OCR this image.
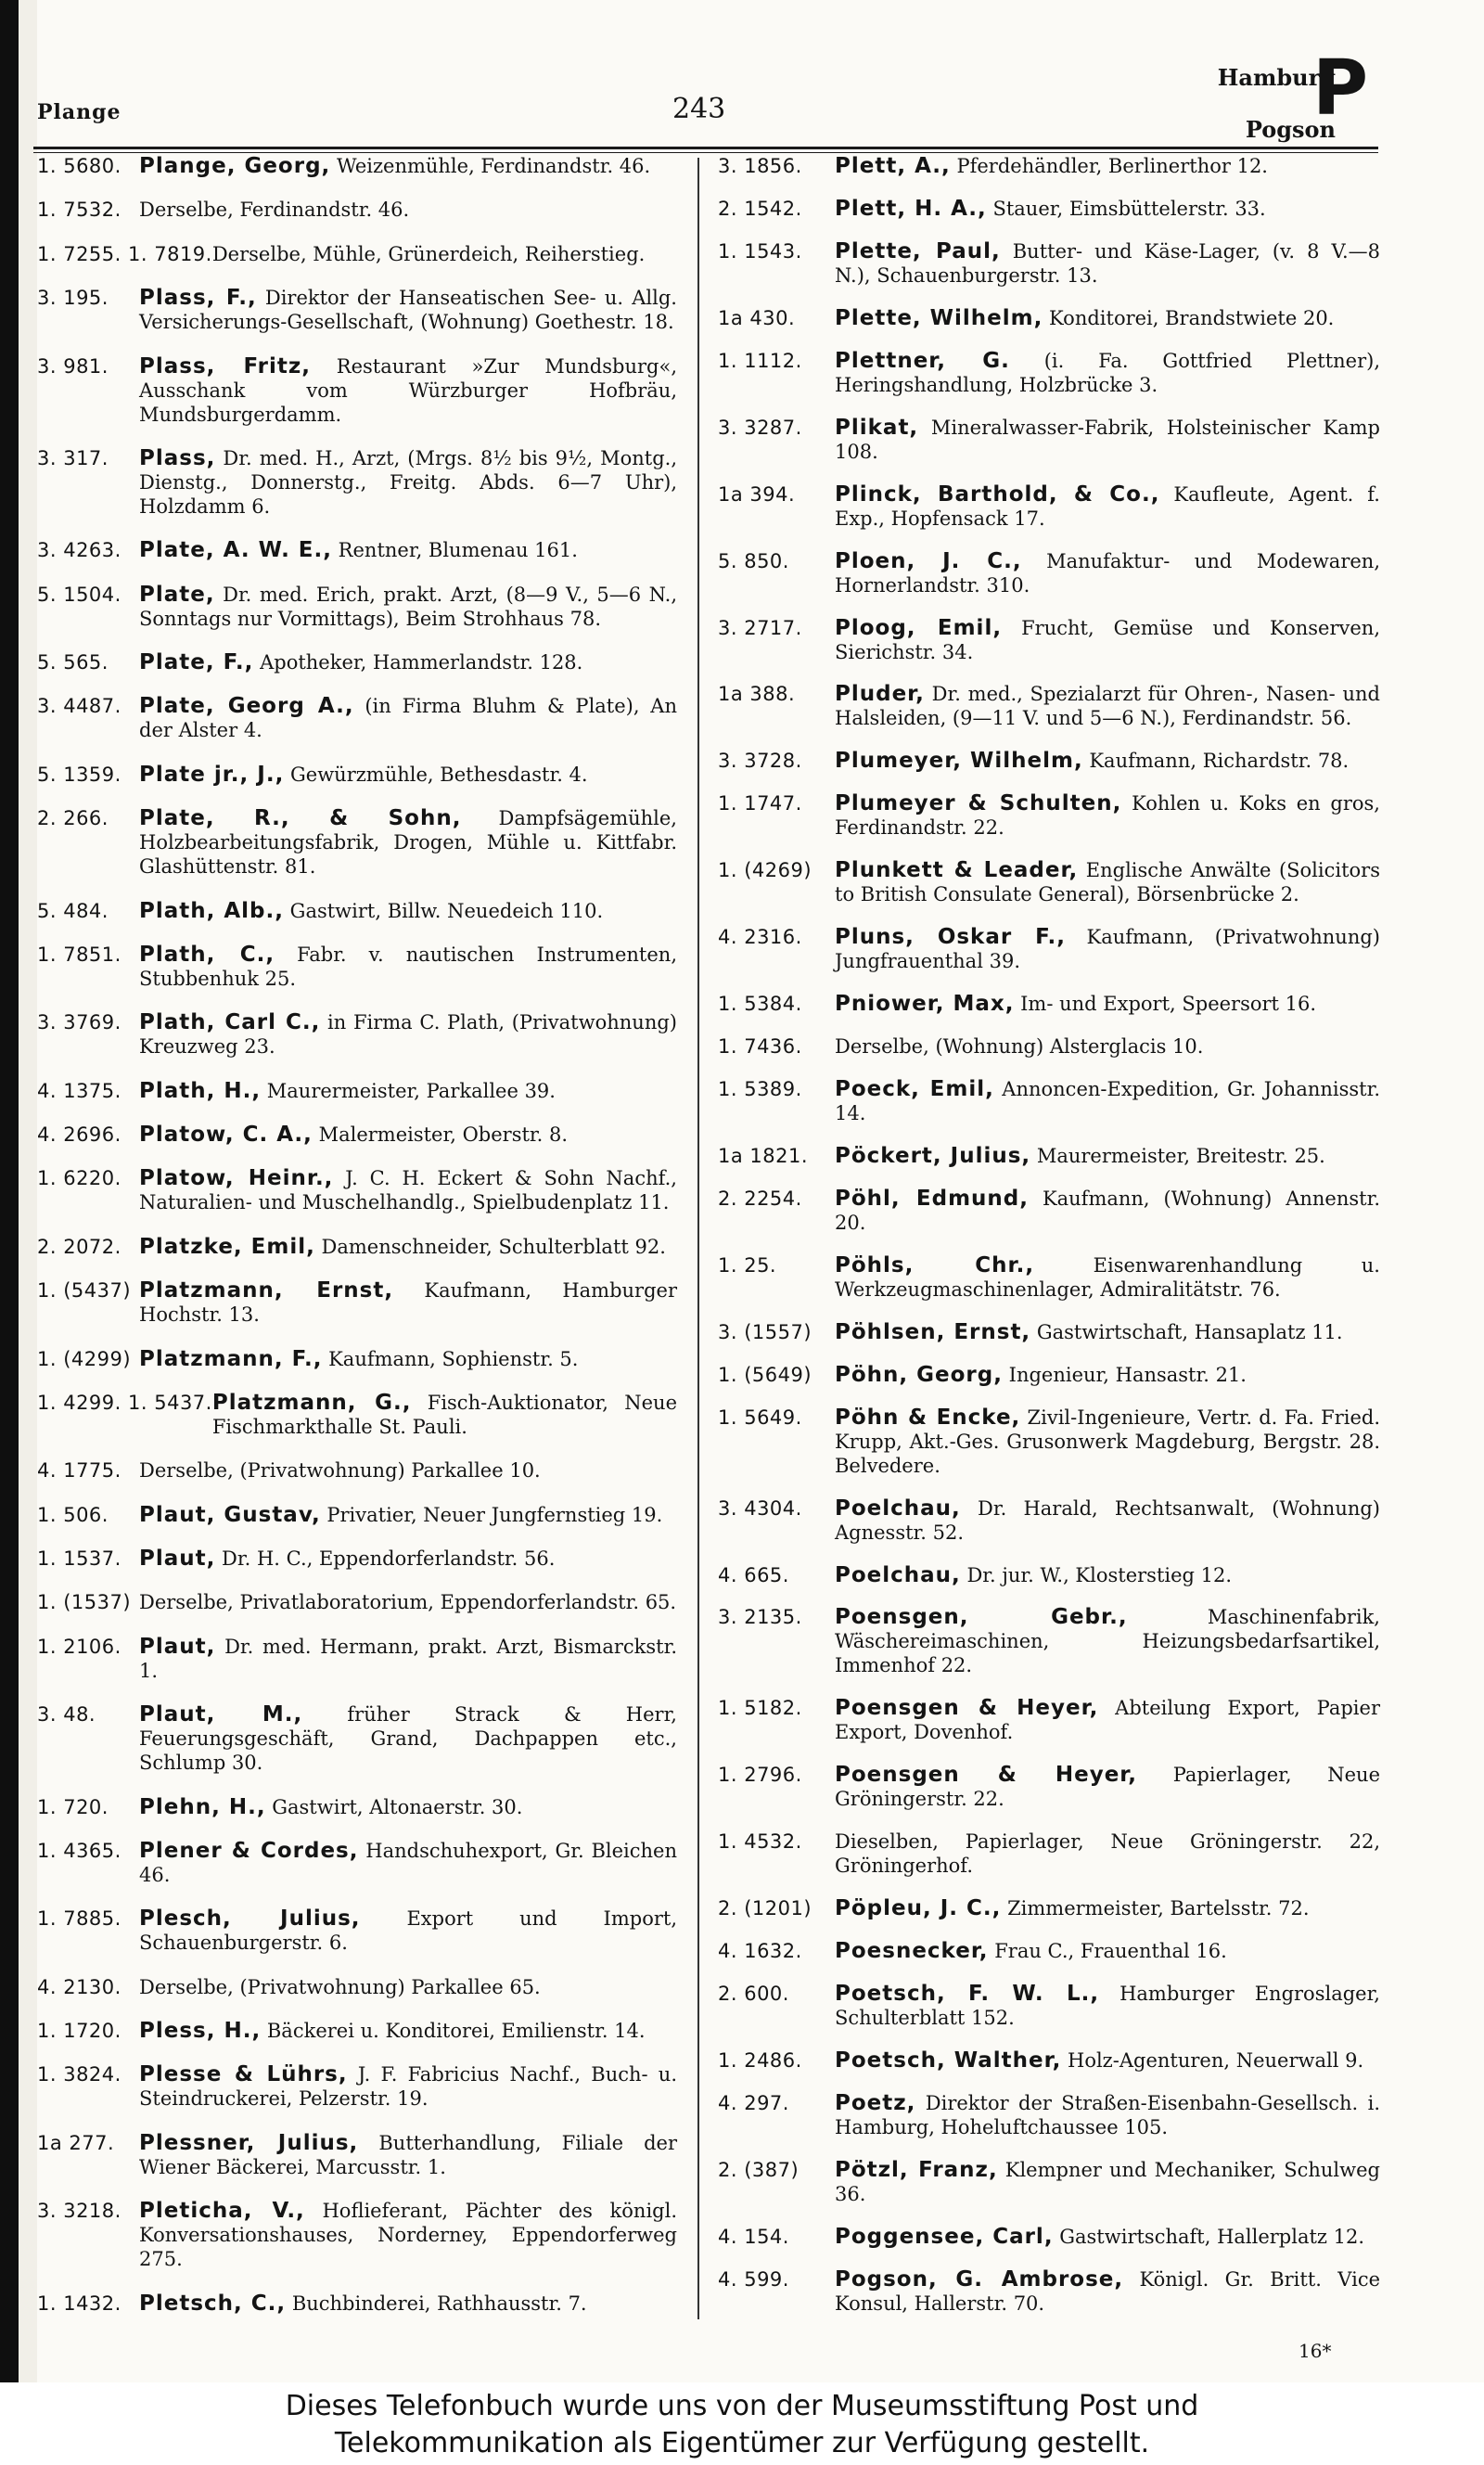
Plange	243
Hamburg
Pogson
P
1. 5680. Plange, Georg, Weizenmühle, Ferdinandstr. 46.
1. 7532. Derselbe, Ferdinandstr. 46.
1. 7255. 1. 7819. Derselbe, Mühle, Grünerdeich, Reiherstieg.
3. 195.	Plass, F., Direktor der Hanseatischen See- u. Allg. Versicherungs-Gesellschaft, (Wohnung) Goethestr. 18.
3. 981.	Plass, Fritz, Restaurant »Zur Mundsburg«, Ausschank vom Würzburger Hofbräu, Mundsburgerdamm.
3. 317.	Plass, Dr. med. H., Arzt, (Mrgs. 8½ bis 9½, Montg., Dienstg., Donnerstg., Freitg. Abds. 6—7 Uhr), Holzdamm 6.
3. 4263. Plate, A. W. E., Rentner, Blumenau 161.
5. 1504. Plate, Dr. med. Erich, prakt. Arzt, (8—9 V., 5—6 N., Sonntags nur Vormittags), Beim Strohhaus 78.
5. 565.	Plate, F., Apotheker, Hammerlandstr. 128.
3. 4487. Plate, Georg A., (in Firma Bluhm & Plate), An der Alster 4.
5. 1359. Plate jr., J., Gewürzmühle, Bethesdastr. 4.
2. 266.	Plate, R., & Sohn, Dampfsägemühle, Holzbearbeitungsfabrik, Drogen, Mühle u. Kittfabr. Glashüttenstr. 81.
5. 484.	Plath, Alb., Gastwirt, Billw. Neuedeich 110.
1. 7851. Plath, C., Fabr. v. nautischen Instrumenten, Stubbenhuk 25.
3. 3769. Plath, Carl C., in Firma C. Plath, (Privatwohnung) Kreuzweg 23.
4. 1375. Plath, H., Maurermeister, Parkallee 39.
4. 2696. Platow, C. A., Malermeister, Oberstr. 8.
1. 6220. Platow, Heinr., J. C. H. Eckert & Sohn Nachf., Naturalien- und Muschelhandlg., Spielbudenplatz 11.
2. 2072. Platzke, Emil, Damenschneider, Schulterblatt 92.
1. (5437) Platzmann, Ernst, Kaufmann, Hamburger Hochstr. 13.
1. (4299) Platzmann, F., Kaufmann, Sophienstr. 5.
1. 4299. 1. 5437. Platzmann, G., Fisch-Auktionator, Neue Fischmarkthalle St. Pauli.
4. 1775. Derselbe, (Privatwohnung) Parkallee 10.
1. 506.	Plaut, Gustav, Privatier, Neuer Jungfernstieg 19.
1. 1537. Plaut, Dr. H. C., Eppendorferlandstr. 56.
1. (1537) Derselbe, Privatlaboratorium, Eppendorferlandstr. 65.
1. 2106. Plaut, Dr. med. Hermann, prakt. Arzt, Bismarckstr. 1.
3. 48.	Plaut, M., früher Strack & Herr, Feuerungsgeschäft, Grand, Dachpappen etc., Schlump 30.
1. 720.	Plehn, H., Gastwirt, Altonaerstr. 30.
1. 4365. Plener & Cordes, Handschuhexport, Gr. Bleichen 46.
1. 7885. Plesch, Julius, Export und Import, Schauenburgerstr. 6.
4. 2130. Derselbe, (Privatwohnung) Parkallee 65.
1. 1720. Pless, H., Bäckerei u. Konditorei, Emilienstr. 14.
1. 3824. Plesse & Lührs, J. F. Fabricius Nachf., Buch- u. Steindruckerei, Pelzerstr. 19.
1a 277.	Plessner, Julius, Butterhandlung, Filiale der Wiener Bäckerei, Marcusstr. 1.
3. 3218. Pleticha, V., Hoflieferant, Pächter des königl. Konversationshauses, Norderney, Eppendorferweg 275.
1. 1432. Pletsch, C., Buchbinderei, Rathhausstr. 7.
3. 1856.	Plett, A., Pferdehändler, Berlinerthor 12.
2. 1542.	Plett, H. A., Stauer, Eimsbüttelerstr. 33.
1. 1543.	Plette, Paul, Butter- und Käse-Lager, (v. 8 V.—8 N.), Schauenburgerstr. 13.
1a 430.	Plette, Wilhelm, Konditorei, Brandstwiete 20.
1. 1112.	Plettner, G. (i. Fa. Gottfried Plettner), Heringshandlung, Holzbrücke 3.
3. 3287.	Plikat, Mineralwasser-Fabrik, Holsteinischer Kamp 108.
1a 394.	Plinck, Barthold, & Co., Kaufleute, Agent. f. Exp., Hopfensack 17.
5. 850.	Ploen, J. C., Manufaktur- und Modewaren, Hornerlandstr. 310.
3. 2717.	Ploog, Emil, Frucht, Gemüse und Konserven, Sierichstr. 34.
1a 388.	Pluder, Dr. med., Spezialarzt für Ohren-, Nasen- und Halsleiden, (9—11 V. und 5—6 N.), Ferdinandstr. 56.
3. 3728.	Plumeyer, Wilhelm, Kaufmann, Richardstr. 78.
1. 1747.	Plumeyer & Schulten, Kohlen u. Koks en gros, Ferdinandstr. 22.
1. (4269)	Plunkett & Leader, Englische Anwälte (Solicitors to British Consulate General), Börsenbrücke 2.
4. 2316.	Pluns, Oskar F., Kaufmann, (Privatwohnung) Jungfrauenthal 39.
1. 5384.	Pniower, Max, Im- und Export, Speersort 16.
1. 7436.	Derselbe, (Wohnung) Alsterglacis 10.
1. 5389.	Poeck, Emil, Annoncen-Expedition, Gr. Johannisstr. 14.
1a 1821.	Pöckert, Julius, Maurermeister, Breitestr. 25.
2. 2254.	Pöhl, Edmund, Kaufmann, (Wohnung) Annenstr. 20.
1. 25.	Pöhls, Chr., Eisenwarenhandlung u. Werkzeugmaschinenlager, Admiralitätstr. 76.
3. (1557)	Pöhlsen, Ernst, Gastwirtschaft, Hansaplatz 11.
1. (5649)	Pöhn, Georg, Ingenieur, Hansastr. 21.
1. 5649.	Pöhn & Encke, Zivil-Ingenieure, Vertr. d. Fa. Fried. Krupp, Akt.-Ges. Grusonwerk Magdeburg, Bergstr. 28. Belvedere.
3. 4304.	Poelchau, Dr. Harald, Rechtsanwalt, (Wohnung) Agnesstr. 52.
4. 665.	Poelchau, Dr. jur. W., Klosterstieg 12.
3. 2135.	Poensgen, Gebr., Maschinenfabrik, Wäschereimaschinen, Heizungsbedarfsartikel, Immenhof 22.
1. 5182.	Poensgen & Heyer, Abteilung Export, Papier Export, Dovenhof.
1. 2796.	Poensgen & Heyer, Papierlager, Neue Gröningerstr. 22.
1. 4532.	Dieselben, Papierlager, Neue Gröningerstr. 22, Gröningerhof.
2. (1201)	Pöpleu, J. C., Zimmermeister, Bartelsstr. 72.
4. 1632.	Poesnecker, Frau C., Frauenthal 16.
2. 600.	Poetsch, F. W. L., Hamburger Engroslager, Schulterblatt 152.
1. 2486.	Poetsch, Walther, Holz-Agenturen, Neuerwall 9.
4. 297.	Poetz, Direktor der Straßen-Eisenbahn-Gesellsch. i. Hamburg, Hoheluftchaussee 105.
2. (387)	Pötzl, Franz, Klempner und Mechaniker, Schulweg 36.
4. 154.	Poggensee, Carl, Gastwirtschaft, Hallerplatz 12.
4. 599.	Pogson, G. Ambrose, Königl. Gr. Britt. Vice Konsul, Hallerstr. 70.
16*
Dieses Telefonbuch wurde uns von der Museumsstiftung Post und
Telekommunikation als Eigentümer zur Verfügung gestellt.
